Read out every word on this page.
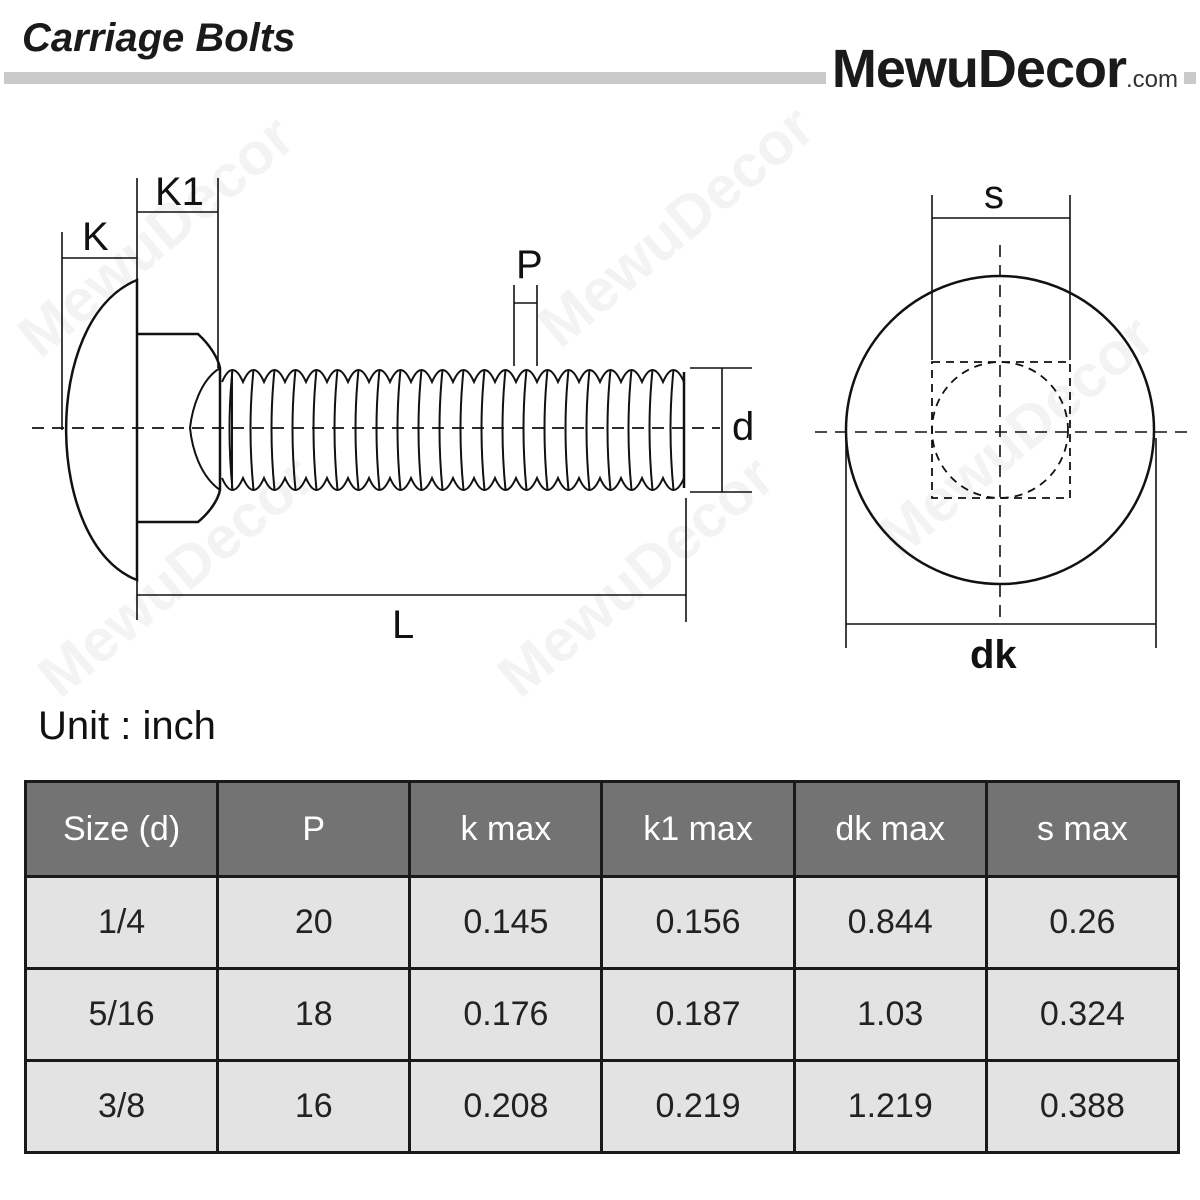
Carriage Bolts
MewuDecor.com
K
K1
P
d
L
s
dk
Unit : inch
Size (d)	P	k max	k1 max	dk max	s max
1/4	20	0.145	0.156	0.844	0.26
5/16	18	0.176	0.187	1.03	0.324
3/8	16	0.208	0.219	1.219	0.388
